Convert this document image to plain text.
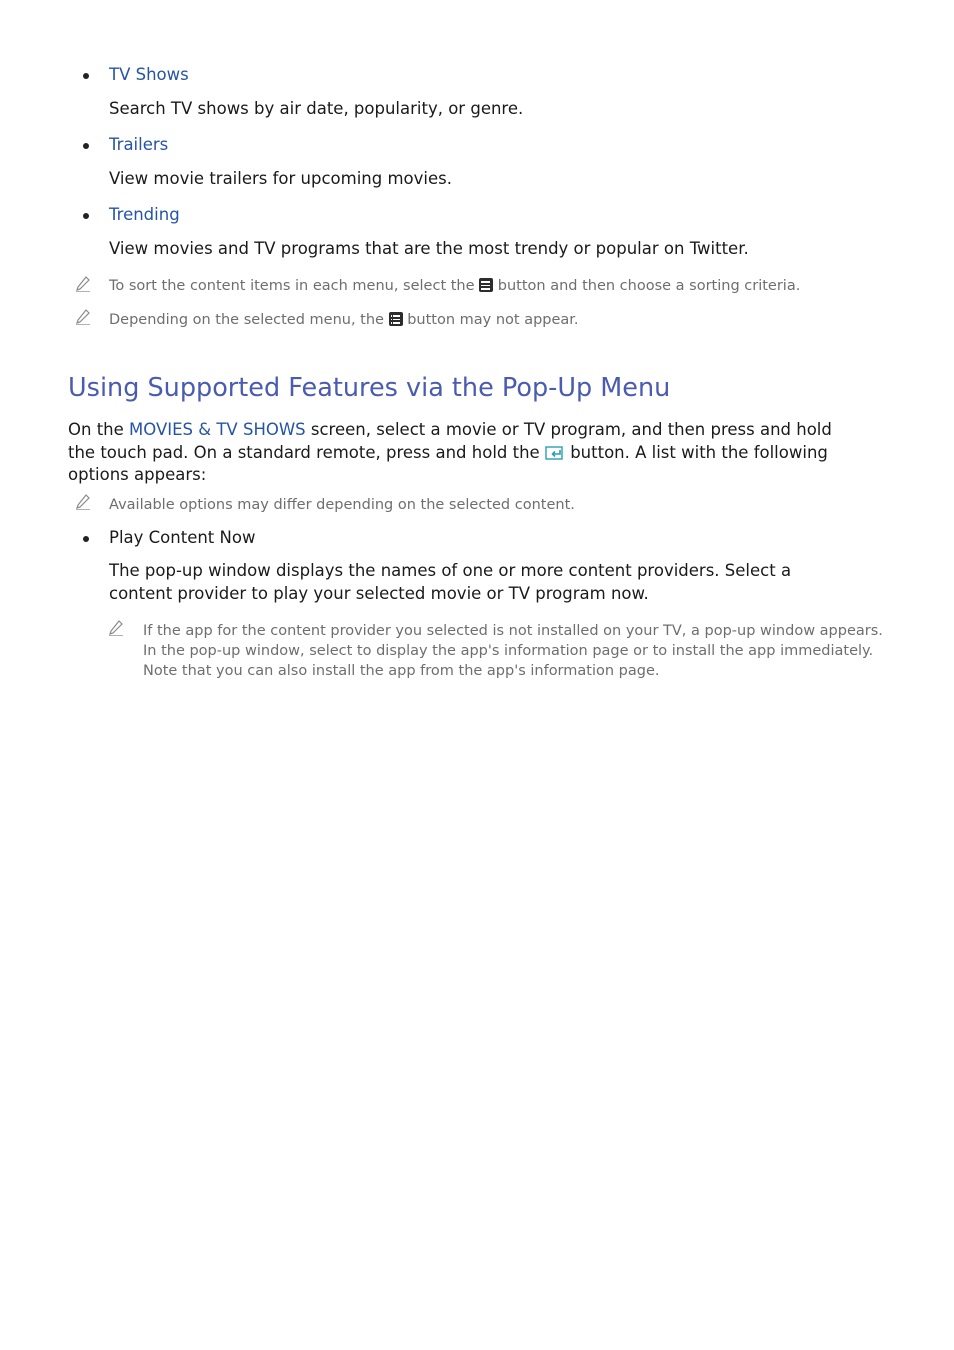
TV Shows
Search TV shows by air date, popularity, or genre.
Trailers
View movie trailers for upcoming movies.
Trending
View movies and TV programs that are the most trendy or popular on Twitter.
To sort the content items in each menu, select the button and then choose a sorting criteria.
Depending on the selected menu, the button may not appear.
Using Supported Features via the Pop-Up Menu
On the MOVIES & TV SHOWS screen, select a movie or TV program, and then press and hold the touch pad. On a standard remote, press and hold the  button. A list with the following options appears:
Available options may differ depending on the selected content.
Play Content Now
The pop-up window displays the names of one or more content providers. Select a content provider to play your selected movie or TV program now.
If the app for the content provider you selected is not installed on your TV, a pop-up window appears. In the pop-up window, select to display the app's information page or to install the app immediately. Note that you can also install the app from the app's information page.
